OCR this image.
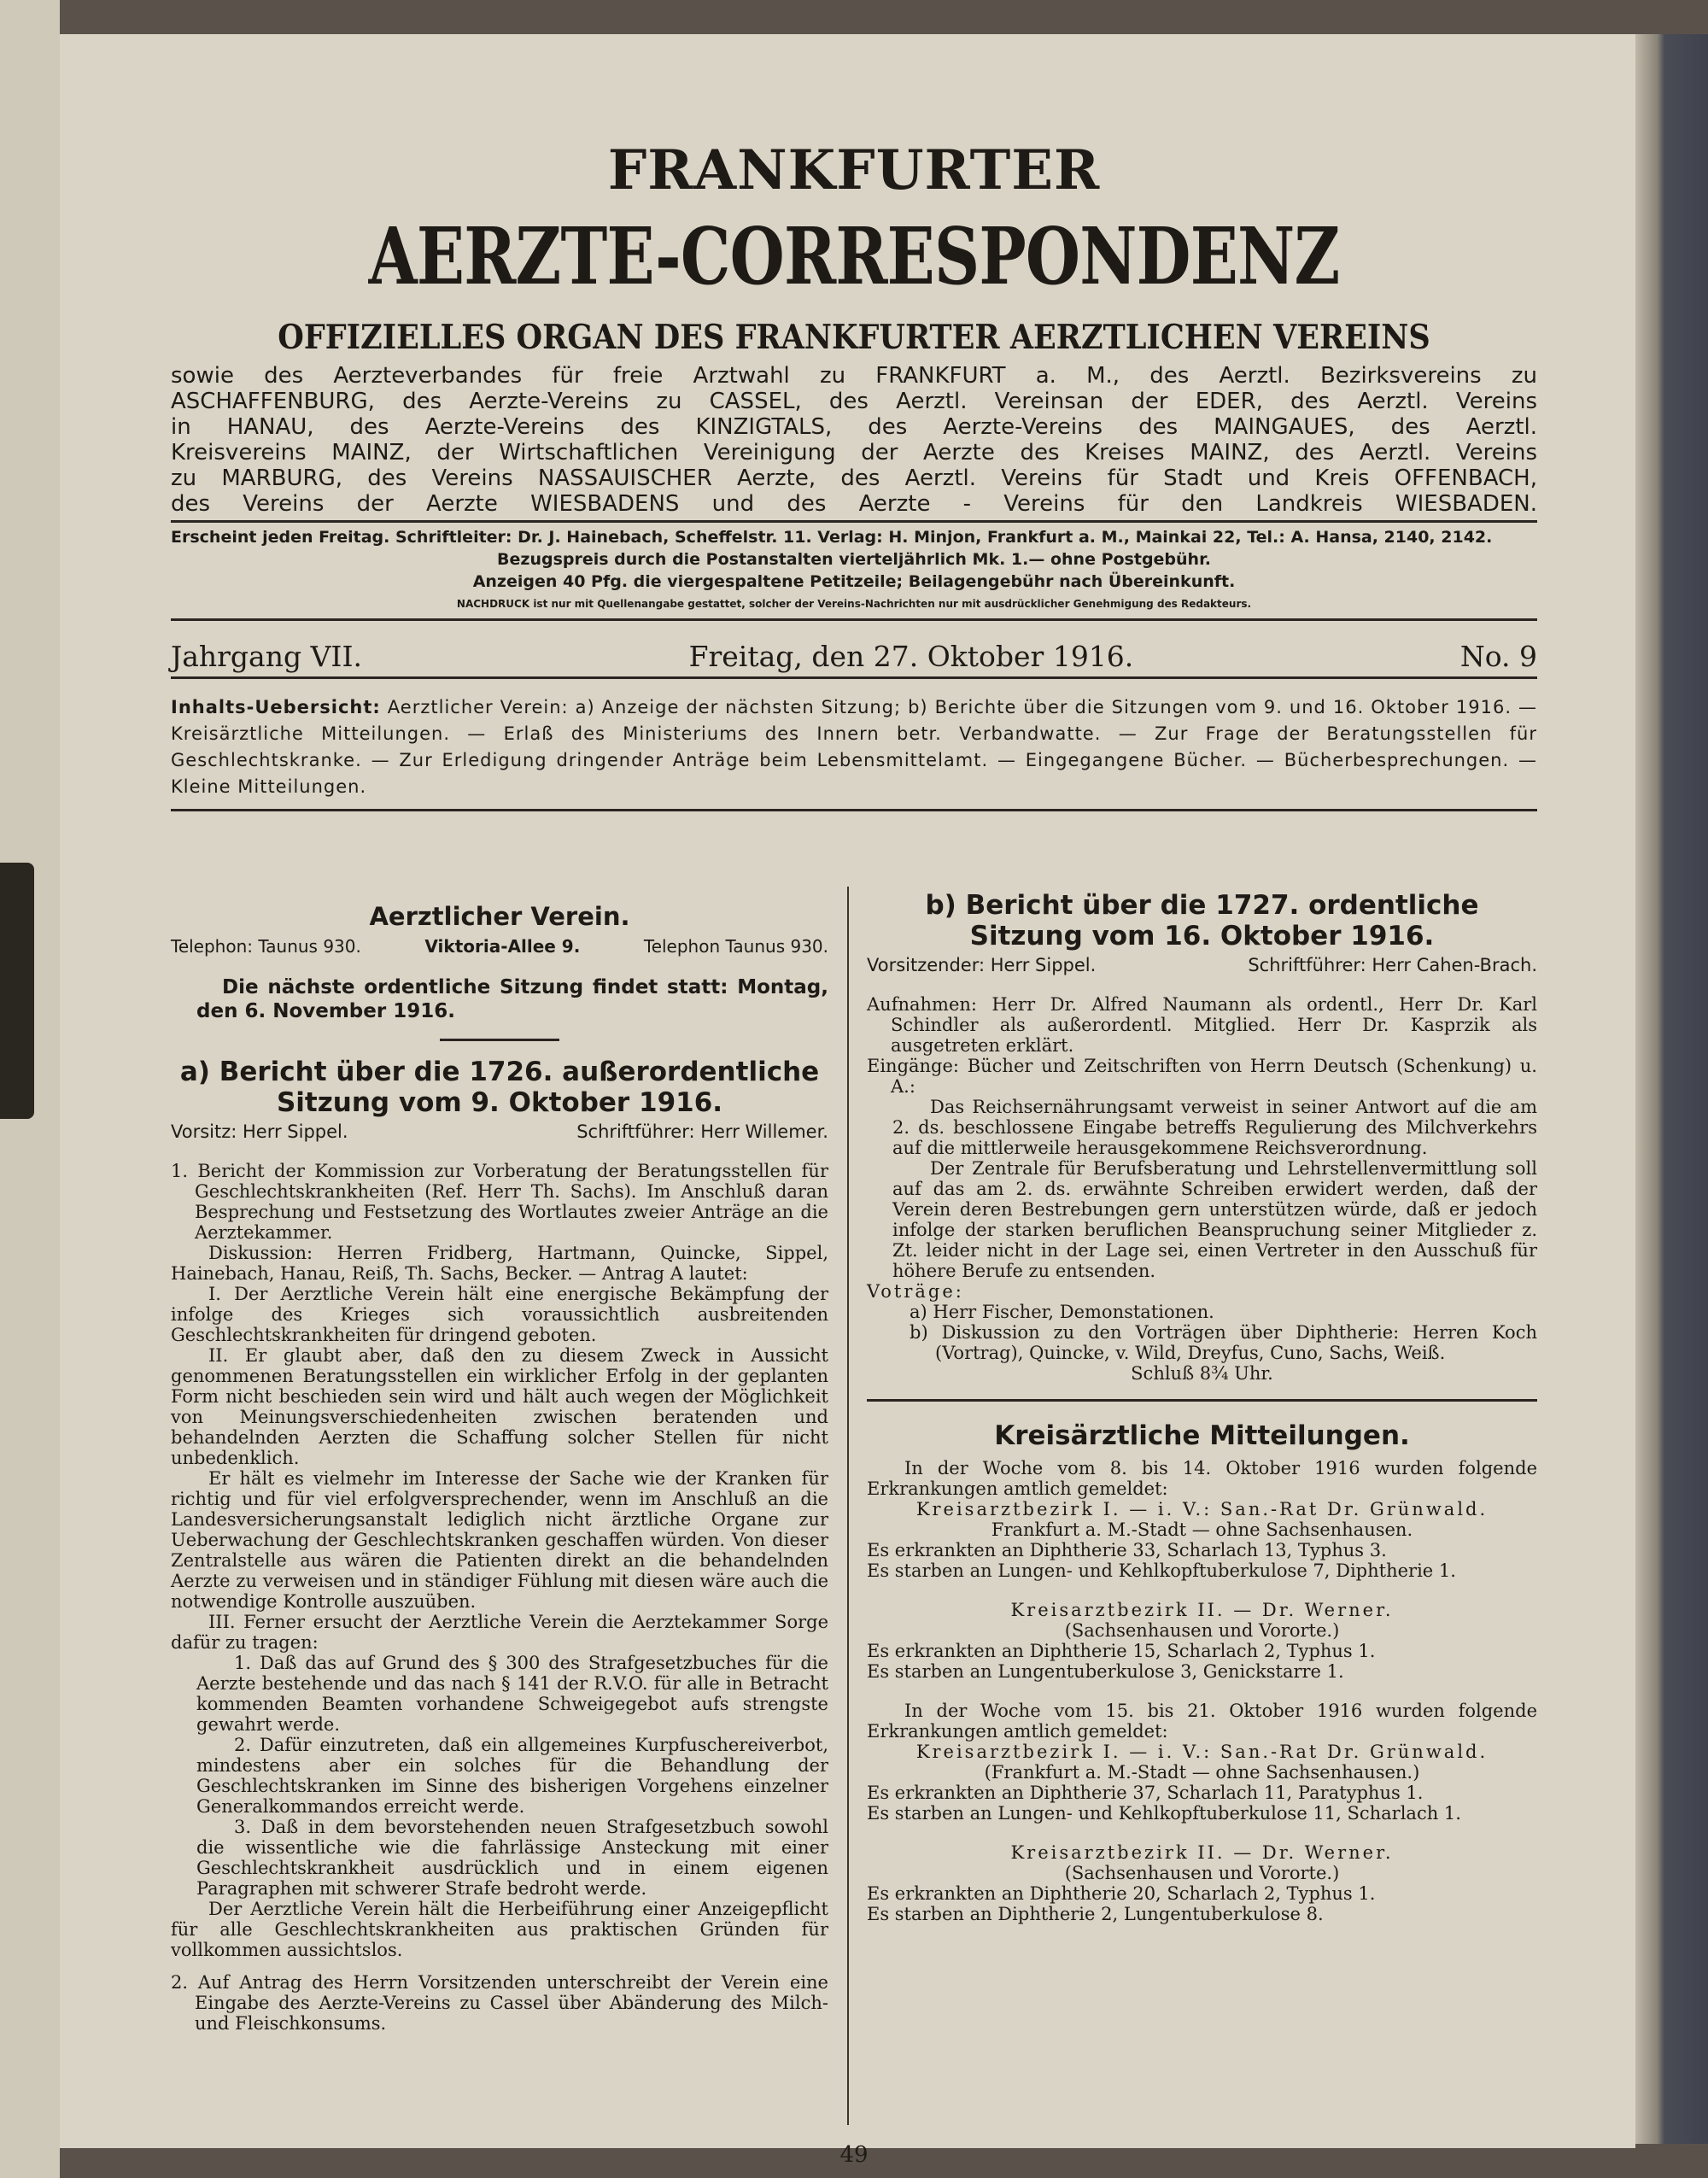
FRANKFURTER
AERZTE-CORRESPONDENZ
OFFIZIELLES ORGAN DES FRANKFURTER AERZTLICHEN VEREINS
sowie des Aerzteverbandes für freie Arztwahl zu FRANKFURT a. M., des Aerztl. Bezirksvereins zu
ASCHAFFENBURG, des Aerzte-Vereins zu CASSEL, des Aerztl. Vereinsan der EDER, des Aerztl. Vereins
in HANAU, des Aerzte-Vereins des KINZIGTALS, des Aerzte-Vereins des MAINGAUES, des Aerztl.
Kreisvereins MAINZ, der Wirtschaftlichen Vereinigung der Aerzte des Kreises MAINZ, des Aerztl. Vereins
zu MARBURG, des Vereins NASSAUISCHER Aerzte, des Aerztl. Vereins für Stadt und Kreis OFFENBACH,
des Vereins der Aerzte WIESBADENS und des Aerzte - Vereins für den Landkreis WIESBADEN.
Erscheint jeden Freitag. Schriftleiter: Dr. J. Hainebach, Scheffelstr. 11. Verlag: H. Minjon, Frankfurt a. M., Mainkai 22, Tel.: A. Hansa, 2140, 2142.
Bezugspreis durch die Postanstalten vierteljährlich Mk. 1.— ohne Postgebühr.
Anzeigen 40 Pfg. die viergespaltene Petitzeile; Beilagengebühr nach Übereinkunft.
NACHDRUCK ist nur mit Quellenangabe gestattet, solcher der Vereins-Nachrichten nur mit ausdrücklicher Genehmigung des Redakteurs.
Jahrgang VII.	Freitag, den 27. Oktober 1916.	No. 9
Inhalts-Uebersicht: Aerztlicher Verein: a) Anzeige der nächsten Sitzung; b) Berichte über die Sitzungen vom 9. und 16. Oktober 1916. — Kreisärztliche Mitteilungen. — Erlaß des Ministeriums des Innern betr. Verbandwatte. — Zur Frage der Beratungsstellen für Geschlechtskranke. — Zur Erledigung dringender Anträge beim Lebensmittelamt. — Eingegangene Bücher. — Bücherbesprechungen. — Kleine Mitteilungen.
Aerztlicher Verein.
Telephon: Taunus 930.	Viktoria-Allee 9.	Telephon Taunus 930.
Die nächste ordentliche Sitzung findet statt: Montag, den 6. November 1916.
a) Bericht über die 1726. außerordentliche Sitzung vom 9. Oktober 1916.
Vorsitz: Herr Sippel.	Schriftführer: Herr Willemer.

1. Bericht der Kommission zur Vorberatung der Beratungsstellen für Geschlechtskrankheiten (Ref. Herr Th. Sachs). Im Anschluß daran Besprechung und Festsetzung des Wortlautes zweier Anträge an die Aerztekammer.

Diskussion: Herren Fridberg, Hartmann, Quincke, Sippel, Hainebach, Hanau, Reiß, Th. Sachs, Becker. — Antrag A lautet:

I. Der Aerztliche Verein hält eine energische Bekämpfung der infolge des Krieges sich voraussichtlich ausbreitenden Geschlechtskrankheiten für dringend geboten.

II. Er glaubt aber, daß den zu diesem Zweck in Aussicht genommenen Beratungsstellen ein wirklicher Erfolg in der geplanten Form nicht beschieden sein wird und hält auch wegen der Möglichkeit von Meinungsverschiedenheiten zwischen beratenden und behandelnden Aerzten die Schaffung solcher Stellen für nicht unbedenklich.

Er hält es vielmehr im Interesse der Sache wie der Kranken für richtig und für viel erfolgversprechender, wenn im Anschluß an die Landesversicherungsanstalt lediglich nicht ärztliche Organe zur Ueberwachung der Geschlechtskranken geschaffen würden. Von dieser Zentralstelle aus wären die Patienten direkt an die behandelnden Aerzte zu verweisen und in ständiger Fühlung mit diesen wäre auch die notwendige Kontrolle auszuüben.

III. Ferner ersucht der Aerztliche Verein die Aerztekammer Sorge dafür zu tragen:

1. Daß das auf Grund des § 300 des Strafgesetzbuches für die Aerzte bestehende und das nach § 141 der R.V.O. für alle in Betracht kommenden Beamten vorhandene Schweigegebot aufs strengste gewahrt werde.

2. Dafür einzutreten, daß ein allgemeines Kurpfuschereiverbot, mindestens aber ein solches für die Behandlung der Geschlechtskranken im Sinne des bisherigen Vorgehens einzelner Generalkommandos erreicht werde.

3. Daß in dem bevorstehenden neuen Strafgesetzbuch sowohl die wissentliche wie die fahrlässige Ansteckung mit einer Geschlechtskrankheit ausdrücklich und in einem eigenen Paragraphen mit schwerer Strafe bedroht werde.

Der Aerztliche Verein hält die Herbeiführung einer Anzeigepflicht für alle Geschlechtskrankheiten aus praktischen Gründen für vollkommen aussichtslos.

2. Auf Antrag des Herrn Vorsitzenden unterschreibt der Verein eine Eingabe des Aerzte-Vereins zu Cassel über Abänderung des Milch- und Fleischkonsums.

b) Bericht über die 1727. ordentliche Sitzung vom 16. Oktober 1916.
Vorsitzender: Herr Sippel.	Schriftführer: Herr Cahen-Brach.

Aufnahmen: Herr Dr. Alfred Naumann als ordentl., Herr Dr. Karl Schindler als außerordentl. Mitglied. Herr Dr. Kasprzik als ausgetreten erklärt.

Eingänge: Bücher und Zeitschriften von Herrn Deutsch (Schenkung) u. A.:

Das Reichsernährungsamt verweist in seiner Antwort auf die am 2. ds. beschlossene Eingabe betreffs Regulierung des Milchverkehrs auf die mittlerweile herausgekommene Reichsverordnung.

Der Zentrale für Berufsberatung und Lehrstellenvermittlung soll auf das am 2. ds. erwähnte Schreiben erwidert werden, daß der Verein deren Bestrebungen gern unterstützen würde, daß er jedoch infolge der starken beruflichen Beanspruchung seiner Mitglieder z. Zt. leider nicht in der Lage sei, einen Vertreter in den Ausschuß für höhere Berufe zu entsenden.

Voträge:

a) Herr Fischer, Demonstationen.

b) Diskussion zu den Vorträgen über Diphtherie: Herren Koch (Vortrag), Quincke, v. Wild, Dreyfus, Cuno, Sachs, Weiß.

Schluß 8¾ Uhr.

Kreisärztliche Mitteilungen.

In der Woche vom 8. bis 14. Oktober 1916 wurden folgende Erkrankungen amtlich gemeldet:

Kreisarztbezirk I. — i. V.: San.-Rat Dr. Grünwald.

Frankfurt a. M.-Stadt — ohne Sachsenhausen.

Es erkrankten an Diphtherie 33, Scharlach 13, Typhus 3.

Es starben an Lungen- und Kehlkopftuberkulose 7, Diphtherie 1.

Kreisarztbezirk II. — Dr. Werner.

(Sachsenhausen und Vororte.)

Es erkrankten an Diphtherie 15, Scharlach 2, Typhus 1.

Es starben an Lungentuberkulose 3, Genickstarre 1.

In der Woche vom 15. bis 21. Oktober 1916 wurden folgende Erkrankungen amtlich gemeldet:

Kreisarztbezirk I. — i. V.: San.-Rat Dr. Grünwald.

(Frankfurt a. M.-Stadt — ohne Sachsenhausen.)

Es erkrankten an Diphtherie 37, Scharlach 11, Paratyphus 1.

Es starben an Lungen- und Kehlkopftuberkulose 11, Scharlach 1.

Kreisarztbezirk II. — Dr. Werner.

(Sachsenhausen und Vororte.)

Es erkrankten an Diphtherie 20, Scharlach 2, Typhus 1.

Es starben an Diphtherie 2, Lungentuberkulose 8.

49
